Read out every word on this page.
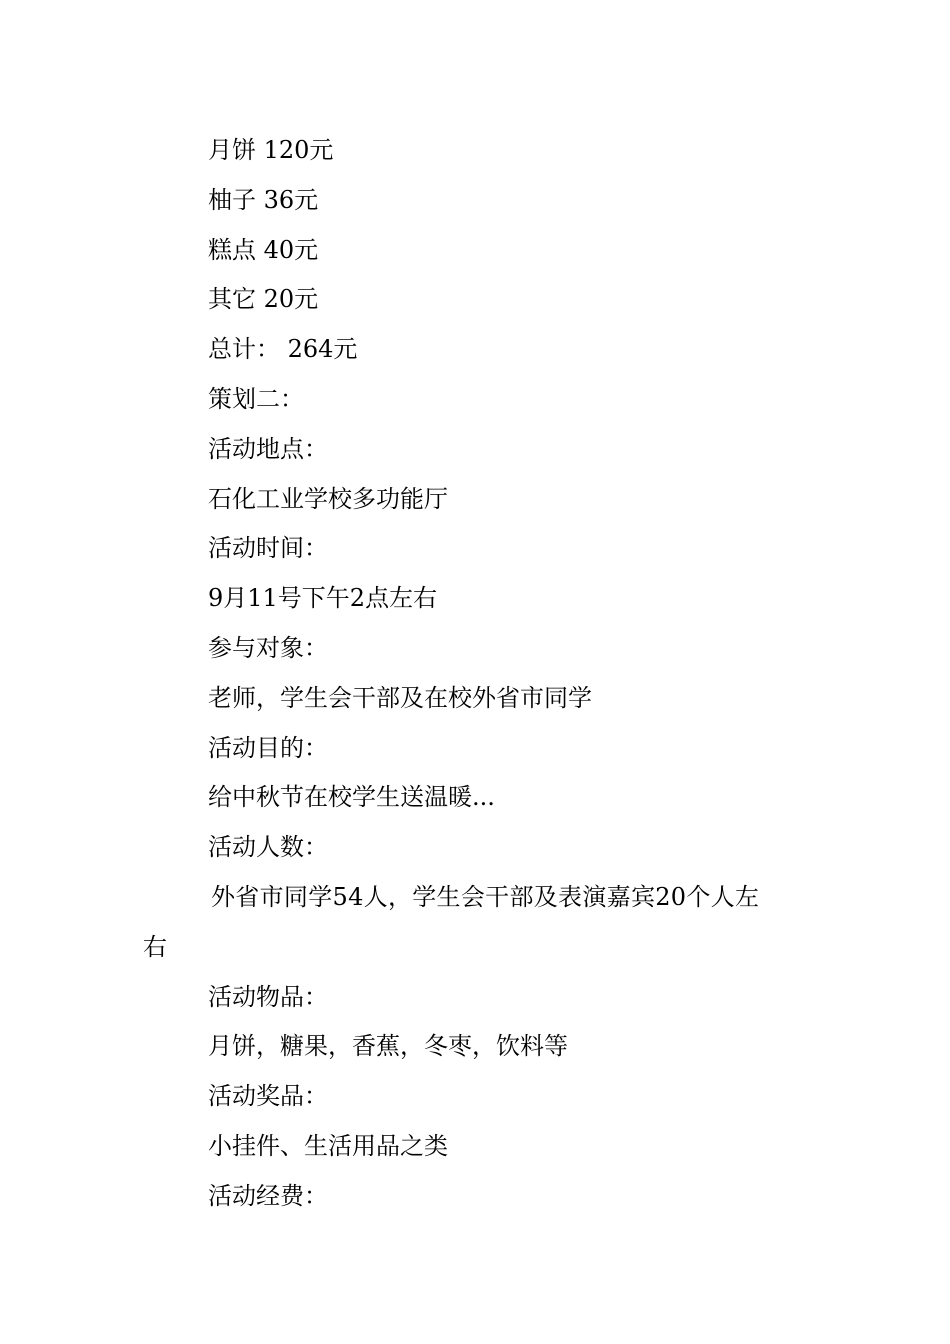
月饼 120元
柚子 36元
糕点 40元
其它 20元
总计： 264元
策划二：
活动地点：
石化工业学校多功能厅
活动时间：
9月11号下午2点左右
参与对象：
老师，学生会干部及在校外省市同学
活动目的：
给中秋节在校学生送温暖...
活动人数：
外省市同学54人，学生会干部及表演嘉宾20个人左
右
活动物品：
月饼，糖果，香蕉，冬枣，饮料等
活动奖品：
小挂件、生活用品之类
活动经费：
